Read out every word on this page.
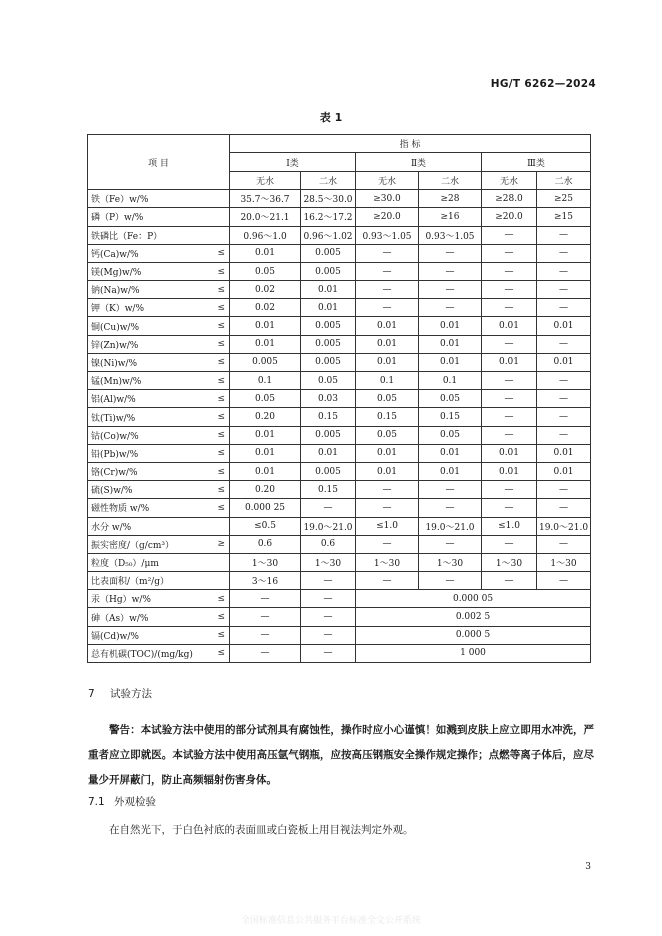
HG/T 6262—2024
表 1
项 目	指 标					
	Ⅰ类		Ⅱ类		Ⅲ类	
	无水	二水	无水	二水	无水	二水
铁（Fe）w/%	35.7～36.7	28.5～30.0	≥30.0	≥28	≥28.0	≥25
磷（P）w/%	20.0～21.1	16.2～17.2	≥20.0	≥16	≥20.0	≥15
铁磷比（Fe：P）	0.96～1.0	0.96～1.02	0.93～1.05	0.93～1.05	—	—
钙(Ca)w/% ≤	0.01	0.005	—	—	—	—
镁(Mg)w/% ≤	0.05	0.005	—	—	—	—
钠(Na)w/% ≤	0.02	0.01	—	—	—	—
钾（K）w/% ≤	0.02	0.01	—	—	—	—
铜(Cu)w/% ≤	0.01	0.005	0.01	0.01	0.01	0.01
锌(Zn)w/% ≤	0.01	0.005	0.01	0.01	—	—
镍(Ni)w/% ≤	0.005	0.005	0.01	0.01	0.01	0.01
锰(Mn)w/% ≤	0.1	0.05	0.1	0.1	—	—
铝(Al)w/% ≤	0.05	0.03	0.05	0.05	—	—
钛(Ti)w/% ≤	0.20	0.15	0.15	0.15	—	—
钴(Co)w/% ≤	0.01	0.005	0.05	0.05	—	—
铅(Pb)w/% ≤	0.01	0.01	0.01	0.01	0.01	0.01
铬(Cr)w/% ≤	0.01	0.005	0.01	0.01	0.01	0.01
硫(S)w/% ≤	0.20	0.15	—	—	—	—
磁性物质 w/% ≤	0.000 25	—	—	—	—	—
水分 w/%	≤0.5	19.0～21.0	≤1.0	19.0～21.0	≤1.0	19.0～21.0
振实密度/（g/cm³） ≥	0.6	0.6	—	—	—	—
粒度（D₅₀）/μm	1～30	1～30	1～30	1～30	1～30	1～30
比表面积/（m²/g）	3～16	—	—	—	—	—
汞（Hg）w/% ≤	—	—	0.000 05			
砷（As）w/% ≤	—	—	0.002 5			
镉(Cd)w/% ≤	—	—	0.000 5			
总有机碳(TOC)/(mg/kg) ≤	—	—	1 000			
7 试验方法
警告：本试验方法中使用的部分试剂具有腐蚀性，操作时应小心谨慎！如溅到皮肤上应立即用水冲洗，严重者应立即就医。本试验方法中使用高压氩气钢瓶，应按高压钢瓶安全操作规定操作；点燃等离子体后，应尽量少开屏蔽门，防止高频辐射伤害身体。
7.1 外观检验
在自然光下，于白色衬底的表面皿或白瓷板上用目视法判定外观。
3
全国标准信息公共服务平台标准全文公开系统
